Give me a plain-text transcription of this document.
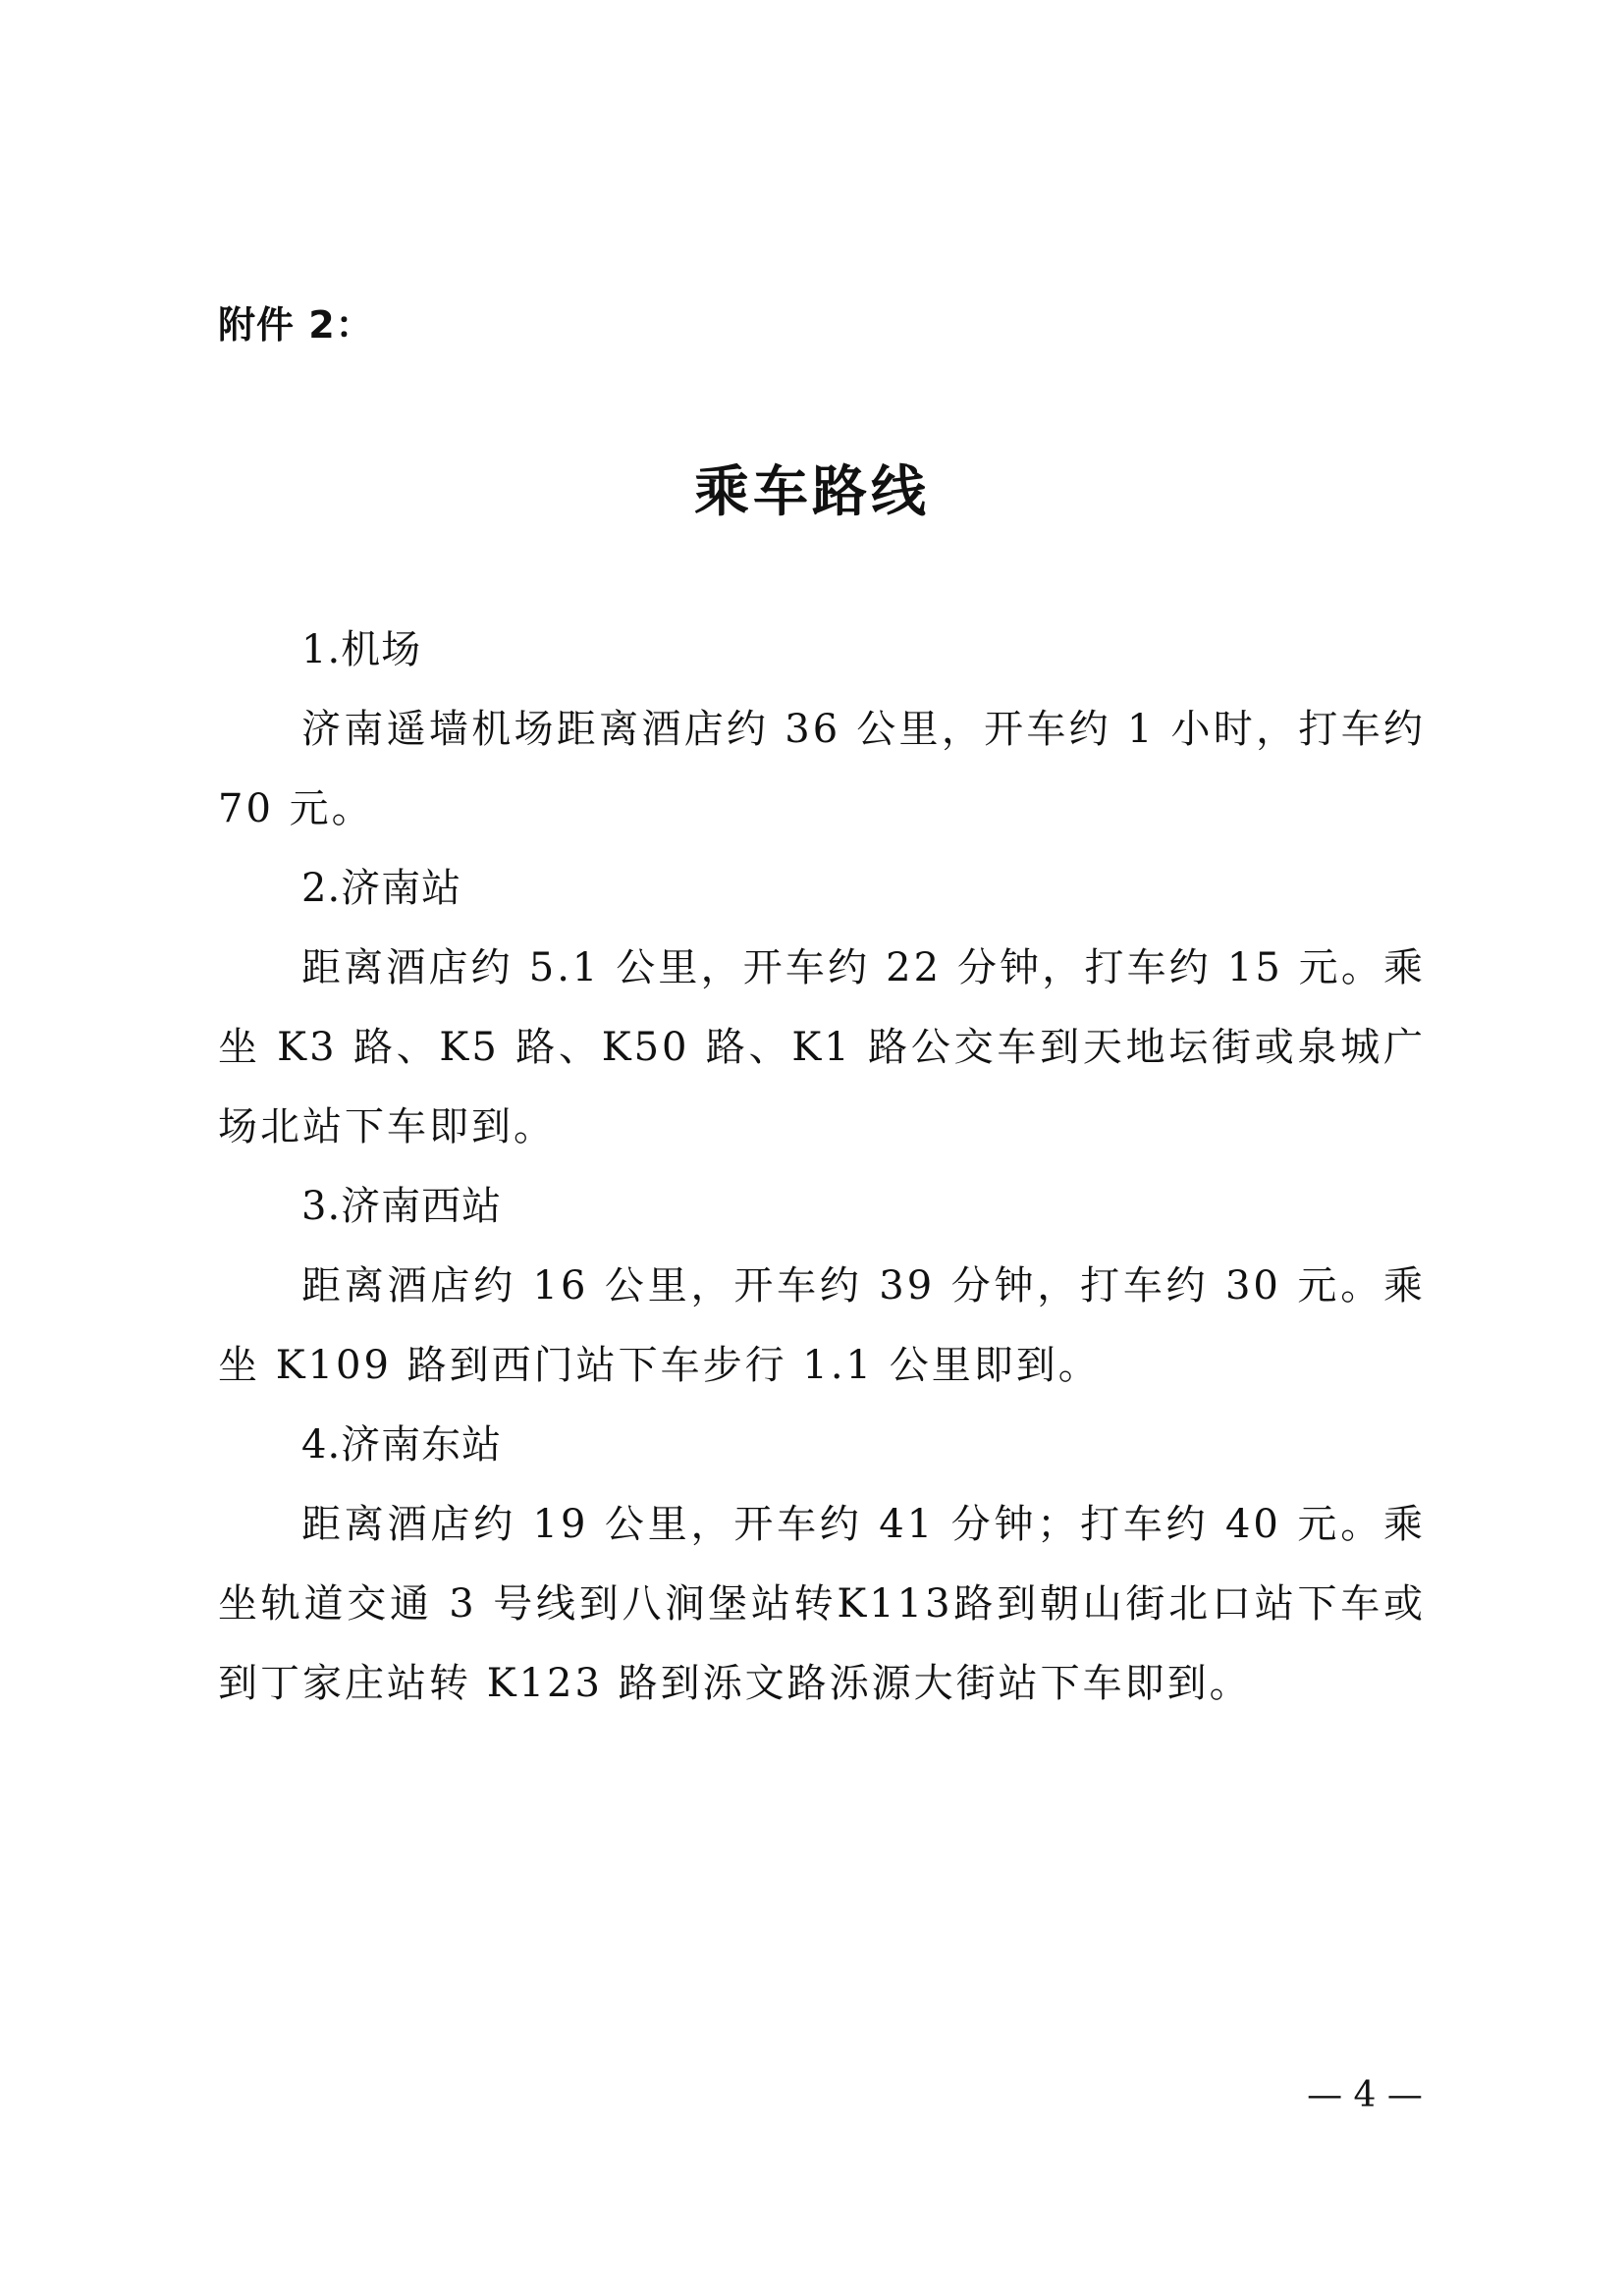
附件 2：
乘车路线
1.机场
济南遥墙机场距离酒店约 36 公里，开车约 1 小时，打车约 70 元。
2.济南站
距离酒店约 5.1 公里，开车约 22 分钟，打车约 15 元。乘坐 K3 路、K5 路、K50 路、K1 路公交车到天地坛街或泉城广场北站下车即到。
3.济南西站
距离酒店约 16 公里，开车约 39 分钟，打车约 30 元。乘坐 K109 路到西门站下车步行 1.1 公里即到。
4.济南东站
距离酒店约 19 公里，开车约 41 分钟；打车约 40 元。乘坐轨道交通 3 号线到八涧堡站转K113路到朝山街北口站下车或到丁家庄站转 K123 路到泺文路泺源大街站下车即到。
— 4 —
